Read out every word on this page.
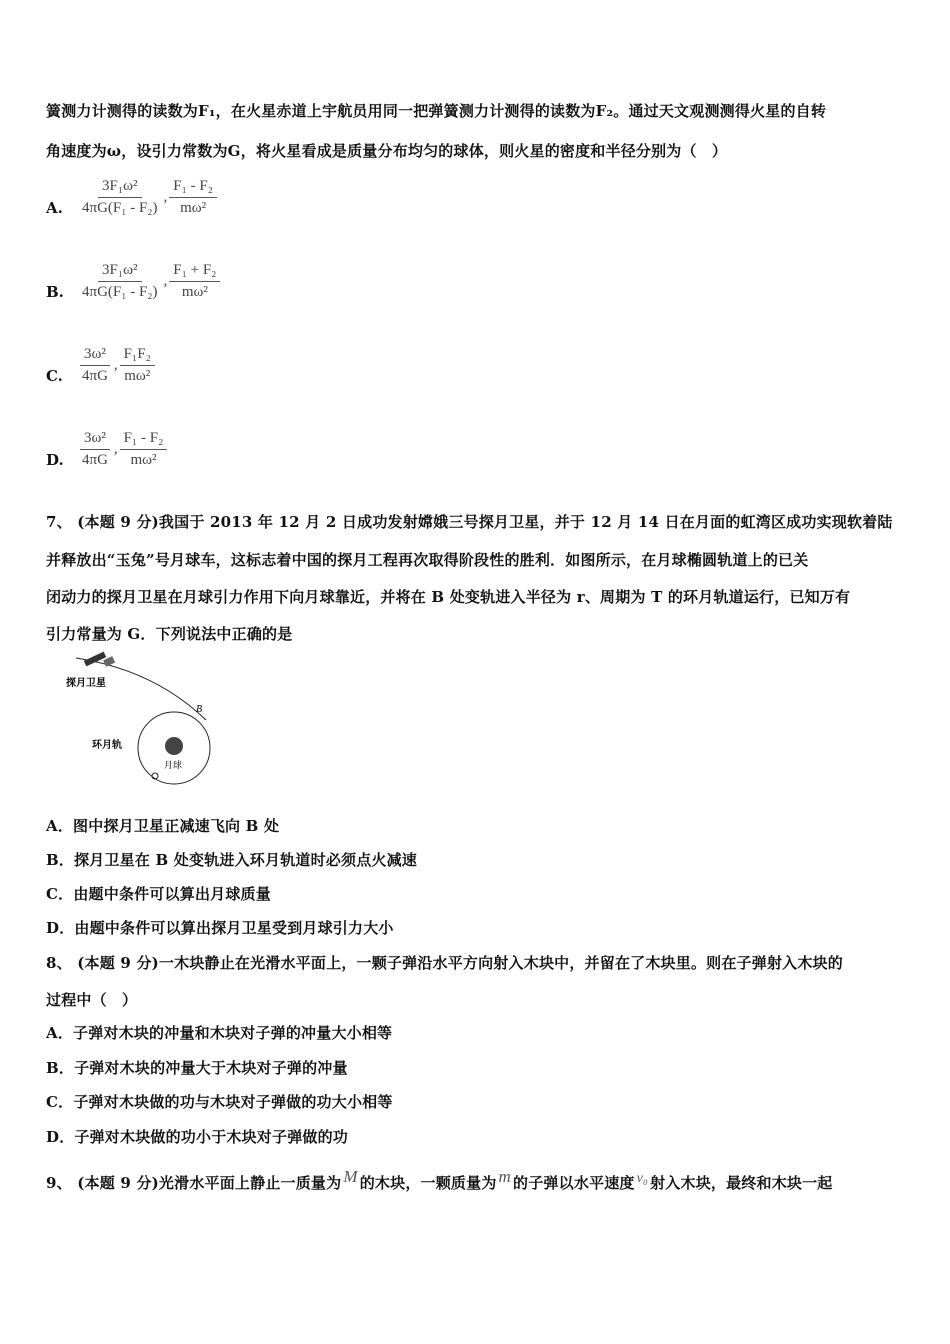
簧测力计测得的读数为F₁，在火星赤道上宇航员用同一把弹簧测力计测得的读数为F₂。通过天文观测测得火星的自转
角速度为ω，设引力常数为G，将火星看成是质量分布均匀的球体，则火星的密度和半径分别为（　）
A. $\frac{\text{3F₁ω²}}{\text{4πG(F₁ - F₂)}}$ , $\frac{\text{F₁ - F₂}}{\text{mω²}}$
B. $\frac{\text{3F₁ω²}}{\text{4πG(F₁ - F₂)}}$ , $\frac{\text{F₁ + F₂}}{\text{mω²}}$
C. $\frac{\text{3ω²}}{4\pi G}$ , $\frac{\text{F₁F₂}}{\text{mω²}}$
D. $\frac{\text{3ω²}}{4\pi G}$ , $\frac{\text{F₁ - F₂}}{\text{mω²}}$
7、 (本题 9 分)我国于 2013 年 12 月 2 日成功发射嫦娥三号探月卫星，并于 12 月 14 日在月面的虹湾区成功实现软着陆
并释放出“玉兔”号月球车，这标志着中国的探月工程再次取得阶段性的胜利．如图所示，在月球椭圆轨道上的已关
闭动力的探月卫星在月球引力作用下向月球靠近，并将在 B 处变轨进入半径为 r、周期为 T 的环月轨道运行，已知万有
引力常量为 G．下列说法中正确的是
探月卫星
B
环月轨
月球
A．图中探月卫星正减速飞向 B 处
B．探月卫星在 B 处变轨进入环月轨道时必须点火减速
C．由题中条件可以算出月球质量
D．由题中条件可以算出探月卫星受到月球引力大小
8、 (本题 9 分)一木块静止在光滑水平面上，一颗子弹沿水平方向射入木块中，并留在了木块里。则在子弹射入木块的
过程中（　）
A．子弹对木块的冲量和木块对子弹的冲量大小相等
B．子弹对木块的冲量大于木块对子弹的冲量
C．子弹对木块做的功与木块对子弹做的功大小相等
D．子弹对木块做的功小于木块对子弹做的功
9、 (本题 9 分)光滑水平面上静止一质量为 M 的木块，一颗质量为 m 的子弹以水平速度 v₀ 射入木块，最终和木块一起
